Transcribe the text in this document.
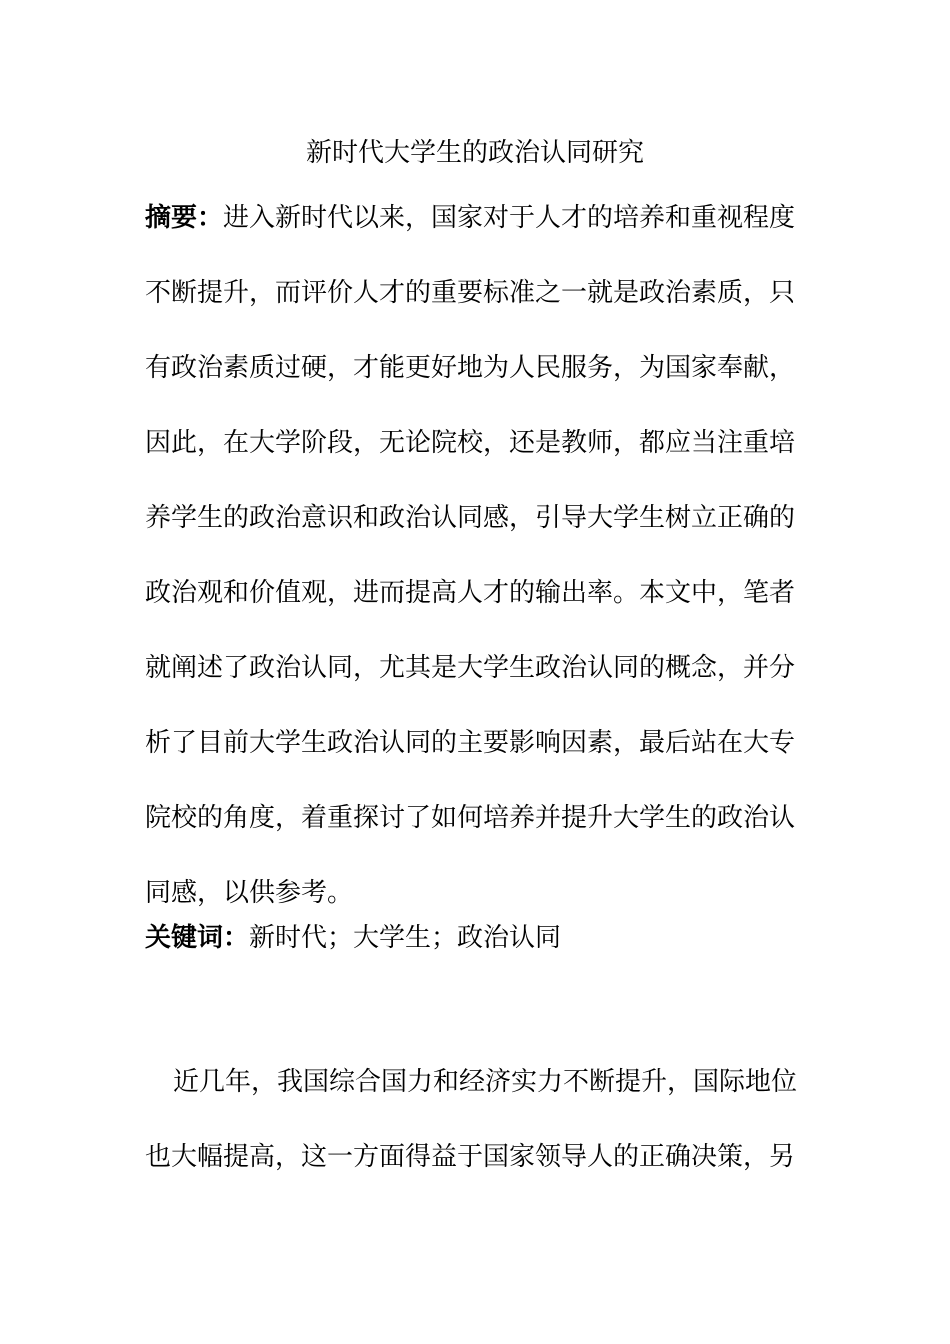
新时代大学生的政治认同研究
摘要：进入新时代以来，国家对于人才的培养和重视程度
不断提升，而评价人才的重要标准之一就是政治素质，只
有政治素质过硬，才能更好地为人民服务，为国家奉献，
因此，在大学阶段，无论院校，还是教师，都应当注重培
养学生的政治意识和政治认同感，引导大学生树立正确的
政治观和价值观，进而提高人才的输出率。本文中，笔者
就阐述了政治认同，尤其是大学生政治认同的概念，并分
析了目前大学生政治认同的主要影响因素，最后站在大专
院校的角度，着重探讨了如何培养并提升大学生的政治认
同感，以供参考。
关键词：新时代；大学生；政治认同
近几年，我国综合国力和经济实力不断提升，国际地位
也大幅提高，这一方面得益于国家领导人的正确决策，另
